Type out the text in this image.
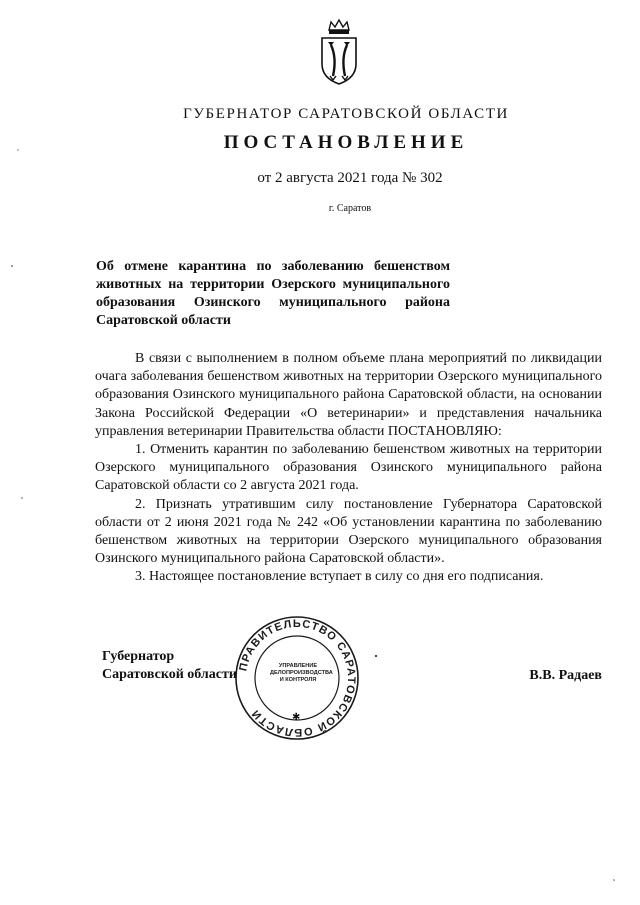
ГУБЕРНАТОР САРАТОВСКОЙ ОБЛАСТИ
ПОСТАНОВЛЕНИЕ
от 2 августа 2021 года № 302
г. Саратов

Об отмене карантина по заболеванию бешенством животных на территории Озерского муниципального образования Озинского муниципального района Саратовской области

В связи с выполнением в полном объеме плана мероприятий по ликвидации очага заболевания бешенством животных на территории Озерского муниципального образования Озинского муниципального района Саратовской области, на основании Закона Российской Федерации «О ветеринарии» и представления начальника управления ветеринарии Правительства области ПОСТАНОВЛЯЮ:

1. Отменить карантин по заболеванию бешенством животных на территории Озерского муниципального образования Озинского муниципального района Саратовской области со 2 августа 2021 года.

2. Признать утратившим силу постановление Губернатора Саратовской области от 2 июня 2021 года № 242 «Об установлении карантина по заболеванию бешенством животных на территории Озерского муниципального образования Озинского муниципального района Саратовской области».

3. Настоящее постановление вступает в силу со дня его подписания.

Губернатор
Саратовской области	В.В. Радаев
ПРАВИТЕЛЬСТВО САРАТОВСКОЙ ОБЛАСТИ
УПРАВЛЕНИЕ
ДЕЛОПРОИЗВОДСТВА
И КОНТРОЛЯ
✱
